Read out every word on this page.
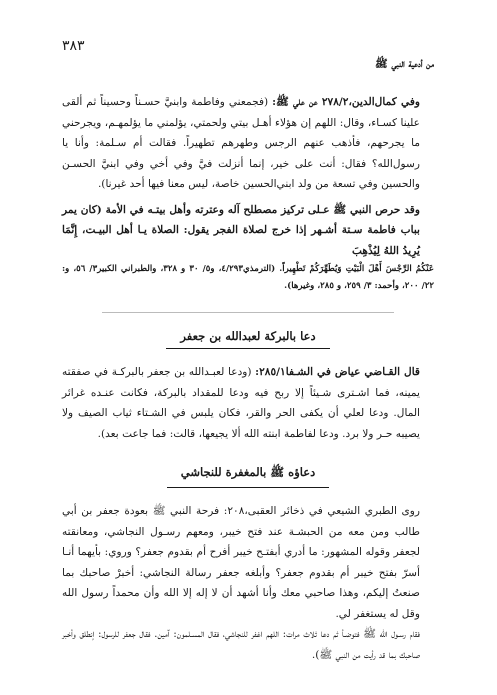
٣٨٣
من أدعية النبي ﷺ

وفي كمال‌الدين،٢٧٨/٢ عن علي ﷺ: (فجمعني وفاطمة وابنيَّ حسـناً وحسيناً ثم ألقى علينا كسـاء، وقال: اللهم إن هؤلاء أهـل بيتي ولحمتي، يؤلمني ما يؤلمهـم، ويجرحني ما يجرحهم، فأذهب عنهم الرجس وطهرهم تطهيراً. فقالت أم سـلمة: وأنا يا رسول‌الله؟ فقال: أنت على خير، إنما أنزلت فيَّ وفي أخي وفي ابنيَّ الحسـن والحسين وفي تسعة من ولد ابني‌الحسين خاصة، ليس معنا فيها أحد غيرنا).

وقد حرص النبي ﷺ عـلى تركيز مصطلح آله وعترته وأهل بيتـه في الأمة (كان يمر بباب فاطمة سـتة أشـهر إذا خرج لصلاة الفجر يقول: الصلاة يـا أهل البيـت، إِنَّمَا يُرِيدُ اللهُ لِيُذْهِبَ

عَنْكُمُ الرِّجْسَ أَهْلَ الْبَيْتِ وَيُطَهِّرَكُمْ تَطْهِيراً. (الترمذي٤/٢٩٣، و٥/ ٣٠ و ٣٢٨، والطبراني الكبير٣/ ٥٦، و: ٢٢/ ٢٠٠، وأحمد: ٣/ ٢٥٩، و ٢٨٥، وغيرها).

دعا بالبركة لعبدالله بن جعفر

قال القـاضي عياض في الشـفا٢٨٥/١: (ودعا لعبـدالله بن جعفر بالبركـة في صفقته يمينه، فما اشـترى شـيئاً إلا ربح فيه ودعا للمقداد بالبركة، فكانت عنـده غرائر المال. ودعا لعلي أن يكفى الحر والقر، فكان يلبس في الشـتاء ثياب الصيف ولا يصيبه حـر ولا برد. ودعا لفاطمة ابنته الله ألا يجيعها، قالت: فما جاعت بعد).

دعاؤه ﷺ بالمغفرة للنجاشي

روى الطبري الشيعي في ذخائر العقبى،٢٠٨: فرحة النبي ﷺ بعودة جعفر بن أبي طالب ومن معه من الحبشـة عند فتح خيبر، ومعهم رسـول النجاشي، ومعانقته لجعفر وقوله المشهور: ما أدري أبفتـح خيبر أفرح أم بقدوم جعفر؟ وروي: بأيهما أنـا أسرّ بفتح خيبر أم بقدوم جعفر؟ وأبلغه جعفر رسالة النجاشي: أخبرْ صاحبك بما صنعتُ إليكم، وهذا صاحبي معك وأنا أشهد أن لا إله إلا الله وأن محمداً رسول الله وقل له يستغفر لي.

فقام رسـول الله ﷺ فتوضـأ ثم دعا ثلاث مرات: اللهم اغفر للنجاشي، فقال المسـلمون: آمين. فقال جعفر للرسول: إنطلق وأخبر صاحبك بما قد رأيت من النبي ﷺ).
